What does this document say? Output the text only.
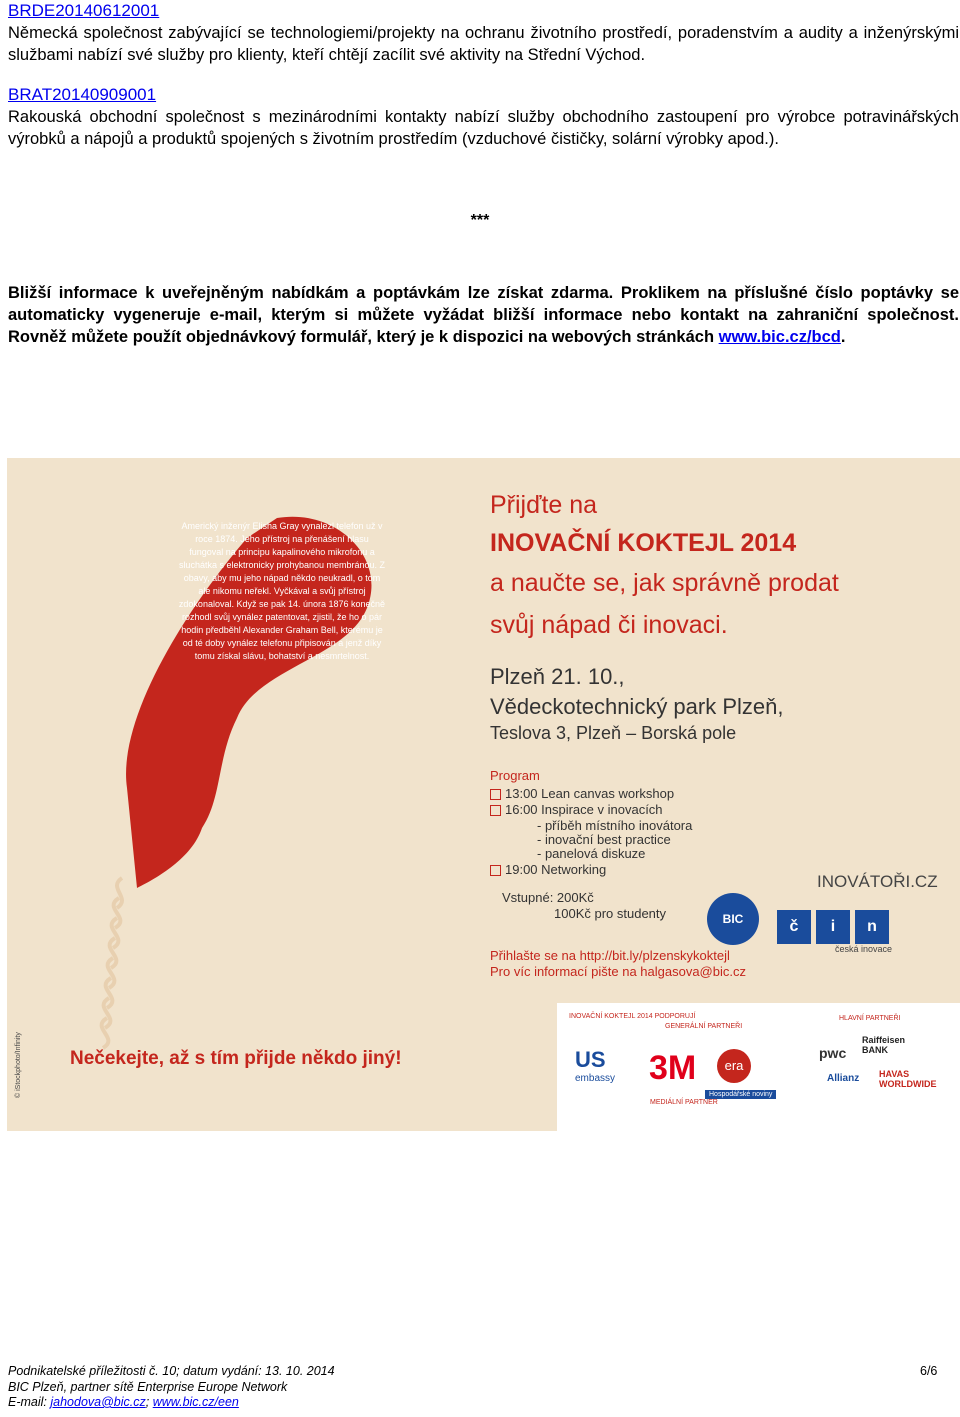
BRDE20140612001

Německá společnost zabývající se technologiemi/projekty na ochranu životního prostředí, poradenstvím a audity a inženýrskými službami nabízí své služby pro klienty, kteří chtějí zacílit své aktivity na Střední Východ.

BRAT20140909001

Rakouská obchodní společnost s mezinárodními kontakty nabízí služby obchodního zastoupení pro výrobce potravinářských výrobků a nápojů a produktů spojených s životním prostředím (vzduchové čističky, solární výrobky apod.).

***
Bližší informace k uveřejněným nabídkám a poptávkám lze získat zdarma. Proklikem na příslušné číslo poptávky se automaticky vygeneruje e-mail, kterým si můžete vyžádat bližší informace nebo kontakt na zahraniční společnost. Rovněž můžete použít objednávkový formulář, který je k dispozici na webových stránkách www.bic.cz/bcd.
Americký inženýr Elisha Gray vynalezl telefon už v roce 1874. Jeho přístroj na přenášení hlasu fungoval na principu kapalinového mikrofonu a sluchátka s elektronicky prohybanou membránou. Z obavy, aby mu jeho nápad někdo neukradl, o tom ale nikomu neřekl. Vyčkával a svůj přístroj zdokonaloval. Když se pak 14. února 1876 konečně rozhodl svůj vynález patentovat, zjistil, že ho o pár hodin předběhl Alexander Graham Bell, kterému je od té doby vynález telefonu připisován a jenž díky tomu získal slávu, bohatství a nesmrtelnost.
© iStockphoto/Infinity
Přijďte na
INOVAČNÍ KOKTEJL 2014
a naučte se, jak správně prodat
svůj nápad či inovaci.
Plzeň 21. 10.,
Vědeckotechnický park Plzeň,
Teslova 3, Plzeň – Borská pole
Program
13:00 Lean canvas workshop
16:00 Inspirace v inovacích
- příběh místního inovátora
- inovační best practice
- panelová diskuze
19:00 Networking
Vstupné: 200Kč
100Kč pro studenty
Přihlašte se na http://bit.ly/plzenskykoktejl
Pro víc informací pište na halgasova@bic.cz
BIC
INOVÁTOŘI.CZ
č	i	n
česká inovace
Nečekejte, až s tím přijde někdo jiný!
INOVAČNÍ KOKTEJL 2014 PODPORUJÍ
GENERÁLNÍ PARTNEŘI
HLAVNÍ PARTNEŘI
US
embassy 3M	era
pwc
Raiffeisen BANK
Allianz HAVAS WORLDWIDE
Hospodářské noviny
MEDIÁLNÍ PARTNER
Podnikatelské příležitosti č. 10; datum vydání: 13. 10. 2014	6/6
BIC Plzeň, partner sítě Enterprise Europe Network
E-mail: jahodova@bic.cz; www.bic.cz/een
